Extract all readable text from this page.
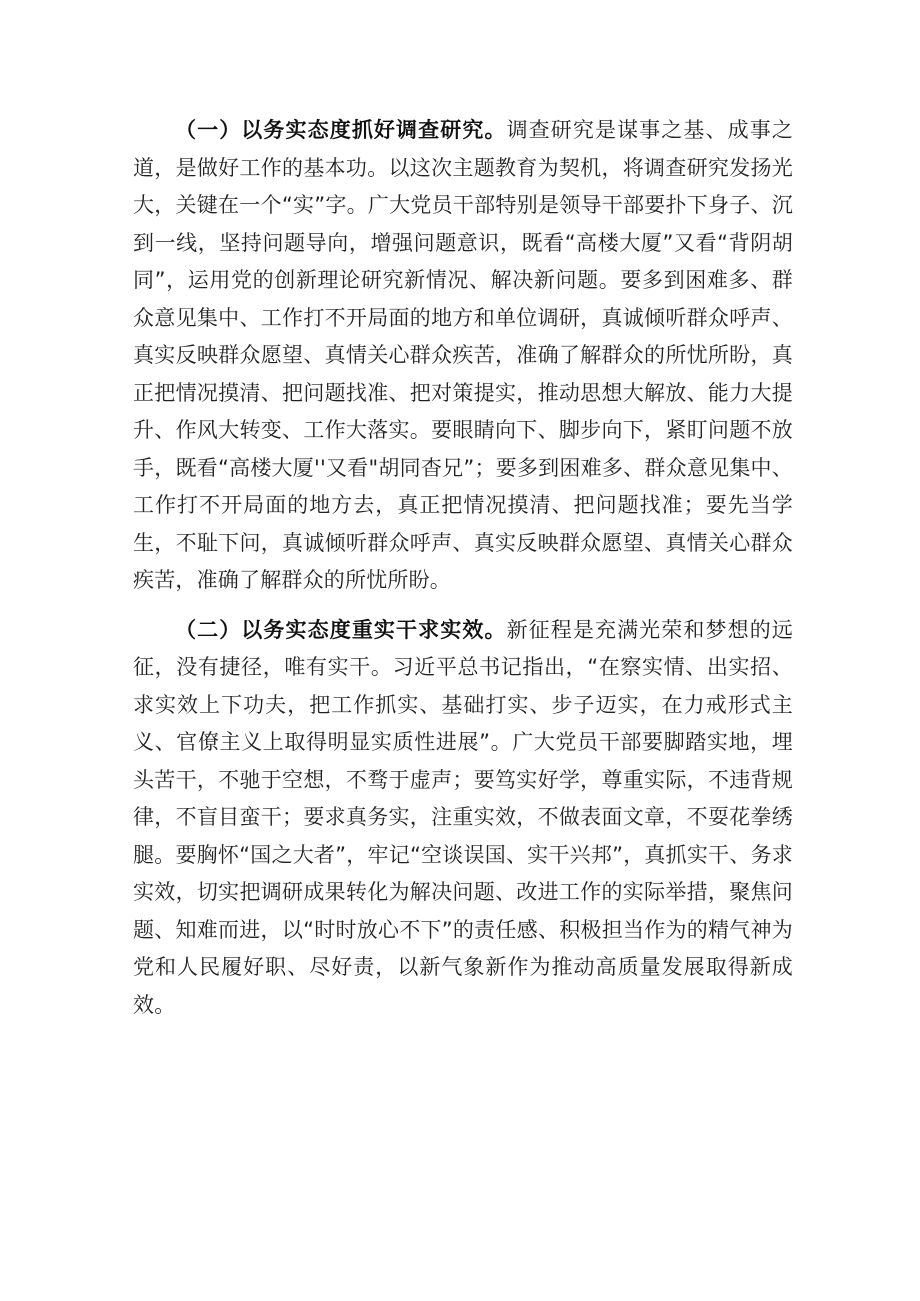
（一）以务实态度抓好调查研究。调查研究是谋事之基、成事之道，是做好工作的基本功。以这次主题教育为契机，将调查研究发扬光大，关键在一个“实”字。广大党员干部特别是领导干部要扑下身子、沉到一线，坚持问题导向，增强问题意识，既看“高楼大厦”又看“背阴胡同”，运用党的创新理论研究新情况、解决新问题。要多到困难多、群众意见集中、工作打不开局面的地方和单位调研，真诚倾听群众呼声、真实反映群众愿望、真情关心群众疾苦，准确了解群众的所忧所盼，真正把情况摸清、把问题找准、把对策提实，推动思想大解放、能力大提升、作风大转变、工作大落实。要眼睛向下、脚步向下，紧盯问题不放手，既看“高楼大厦''又看"胡同杳兄”；要多到困难多、群众意见集中、工作打不开局面的地方去，真正把情况摸清、把问题找准；要先当学生，不耻下问，真诚倾听群众呼声、真实反映群众愿望、真情关心群众疾苦，准确了解群众的所忧所盼。

（二）以务实态度重实干求实效。新征程是充满光荣和梦想的远征，没有捷径，唯有实干。习近平总书记指出，“在察实情、出实招、求实效上下功夫，把工作抓实、基础打实、步子迈实，在力戒形式主义、官僚主义上取得明显实质性进展”。广大党员干部要脚踏实地，埋头苦干，不驰于空想，不骛于虚声；要笃实好学，尊重实际，不违背规律，不盲目蛮干；要求真务实，注重实效，不做表面文章，不耍花拳绣腿。要胸怀“国之大者”，牢记“空谈误国、实干兴邦”，真抓实干、务求实效，切实把调研成果转化为解决问题、改进工作的实际举措，聚焦问题、知难而进，以“时时放心不下”的责任感、积极担当作为的精气神为党和人民履好职、尽好责，以新气象新作为推动高质量发展取得新成效。
